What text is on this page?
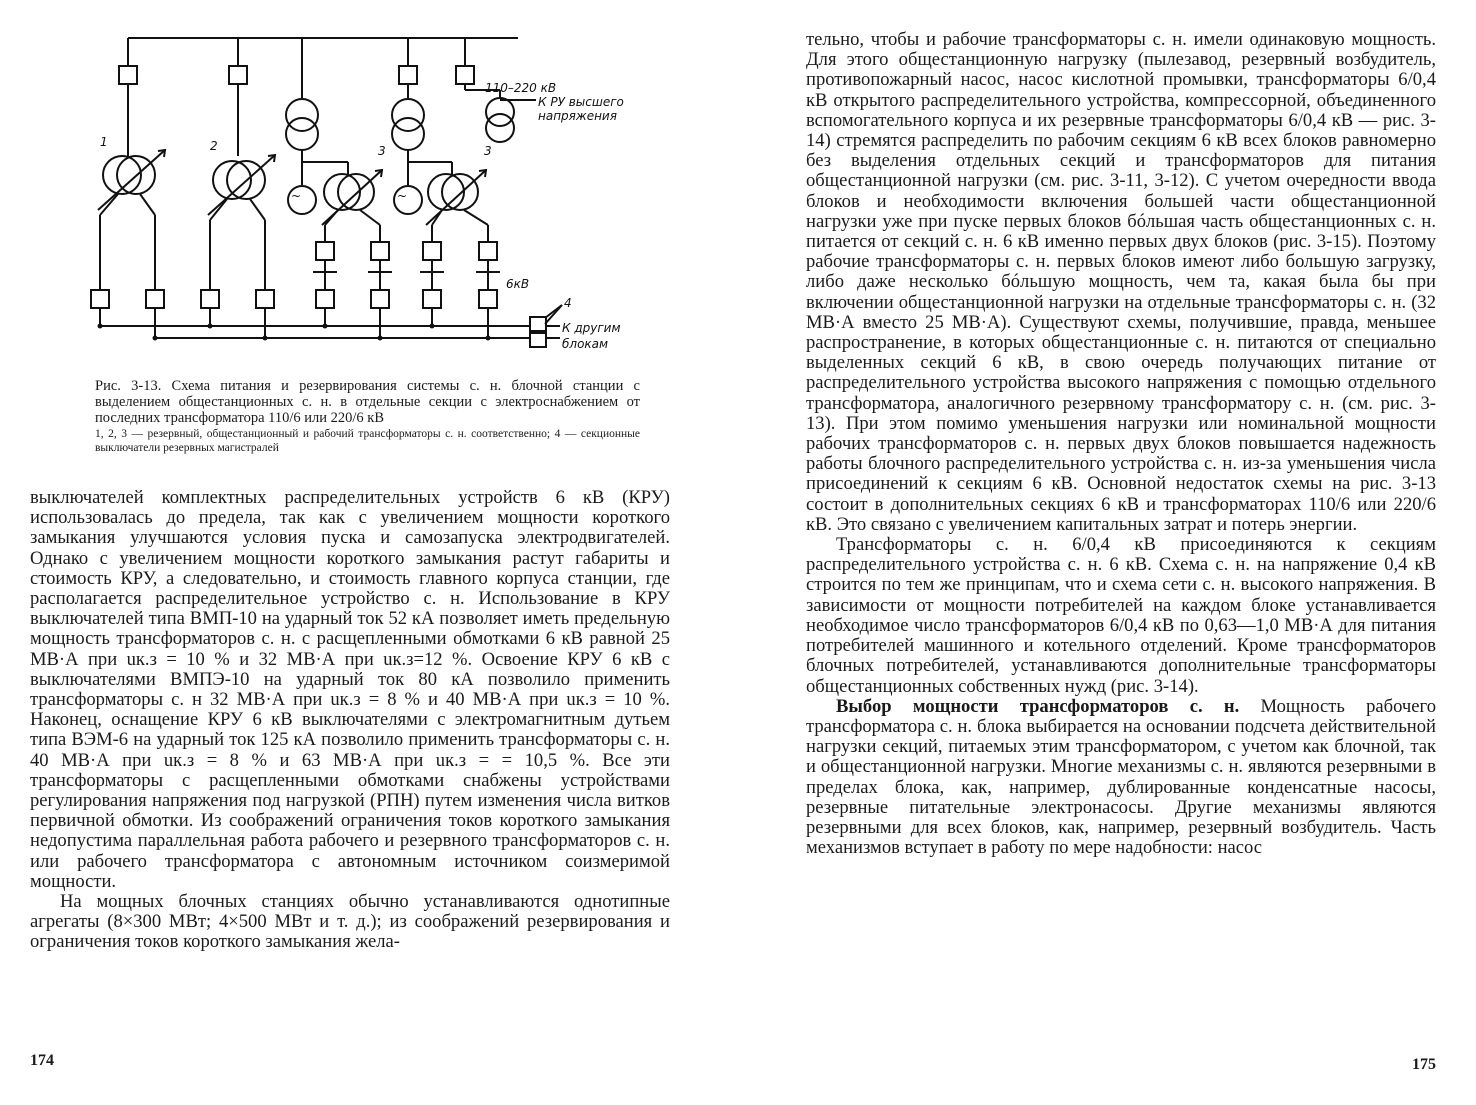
~	~
1	2	3	3
110–220 кВ
К РУ высшего
напряжения
6кВ
4
К другим
блокам

Рис. 3-13. Схема питания и резервирования системы с. н. блочной станции с выделением общестанционных с. н. в отдельные секции с электроснабжением от последних трансформатора 110/6 или 220/6 кВ

1, 2, 3 — резервный, общестанционный и рабочий трансформаторы с. н. соответственно; 4 — секционные выключатели резервных магистралей

выключателей комплектных распределительных устройств 6 кВ (КРУ) использовалась до предела, так как с увеличением мощности короткого замыкания улучшаются условия пуска и самозапуска электродвигателей. Однако с увеличением мощности короткого замыкания растут габариты и стоимость КРУ, а следовательно, и стоимость главного корпуса станции, где располагается распределительное устройство с. н. Использование в КРУ выключателей типа ВМП-10 на ударный ток 52 кА позволяет иметь предельную мощность трансформаторов с. н. с расщепленными обмотками 6 кВ равной 25 МВ·А при uк.з = 10 % и 32 МВ·А при uк.з=12 %. Освоение КРУ 6 кВ с выключателями ВМПЭ-10 на ударный ток 80 кА позволило применить трансформаторы с. н 32 МВ·А при uк.з = 8 % и 40 МВ·А при uк.з = 10 %. Наконец, оснащение КРУ 6 кВ выключателями с электромагнитным дутьем типа ВЭМ-6 на ударный ток 125 кА позволило применить трансформаторы с. н. 40 МВ·А при uк.з = 8 % и 63 МВ·А при uк.з = = 10,5 %. Все эти трансформаторы с расщепленными обмотками снабжены устройствами регулирования напряжения под нагрузкой (РПН) путем изменения числа витков первичной обмотки. Из соображений ограничения токов короткого замыкания недопустима параллельная работа рабочего и резервного трансформаторов с. н. или рабочего трансформатора с автономным источником соизмеримой мощности.

На мощных блочных станциях обычно устанавливаются однотипные агрегаты (8×300 МВт; 4×500 МВт и т. д.); из соображений резервирования и ограничения токов короткого замыкания жела-

174

тельно, чтобы и рабочие трансформаторы с. н. имели одинаковую мощность. Для этого общестанционную нагрузку (пылезавод, резервный возбудитель, противопожарный насос, насос кислотной промывки, трансформаторы 6/0,4 кВ открытого распределительного устройства, компрессорной, объединенного вспомогательного корпуса и их резервные трансформаторы 6/0,4 кВ — рис. 3-14) стремятся распределить по рабочим секциям 6 кВ всех блоков равномерно без выделения отдельных секций и трансформаторов для питания общестанционной нагрузки (см. рис. 3-11, 3-12). С учетом очередности ввода блоков и необходимости включения большей части общестанционной нагрузки уже при пуске первых блоков бóльшая часть общестанционных с. н. питается от секций с. н. 6 кВ именно первых двух блоков (рис. 3-15). Поэтому рабочие трансформаторы с. н. первых блоков имеют либо большую загрузку, либо даже несколько бóльшую мощность, чем та, какая была бы при включении общестанционной нагрузки на отдельные трансформаторы с. н. (32 МВ·А вместо 25 МВ·А). Существуют схемы, получившие, правда, меньшее распространение, в которых общестанционные с. н. питаются от специально выделенных секций 6 кВ, в свою очередь получающих питание от распределительного устройства высокого напряжения с помощью отдельного трансформатора, аналогичного резервному трансформатору с. н. (см. рис. 3-13). При этом помимо уменьшения нагрузки или номинальной мощности рабочих трансформаторов с. н. первых двух блоков повышается надежность работы блочного распределительного устройства с. н. из-за уменьшения числа присоединений к секциям 6 кВ. Основной недостаток схемы на рис. 3-13 состоит в дополнительных секциях 6 кВ и трансформаторах 110/6 или 220/6 кВ. Это связано с увеличением капитальных затрат и потерь энергии.

Трансформаторы с. н. 6/0,4 кВ присоединяются к секциям распределительного устройства с. н. 6 кВ. Схема с. н. на напряжение 0,4 кВ строится по тем же принципам, что и схема сети с. н. высокого напряжения. В зависимости от мощности потребителей на каждом блоке устанавливается необходимое число трансформаторов 6/0,4 кВ по 0,63—1,0 МВ·А для питания потребителей машинного и котельного отделений. Кроме трансформаторов блочных потребителей, устанавливаются дополнительные трансформаторы общестанционных собственных нужд (рис. 3-14).

Выбор мощности трансформаторов с. н. Мощность рабочего трансформатора с. н. блока выбирается на основании подсчета действительной нагрузки секций, питаемых этим трансформатором, с учетом как блочной, так и общестанционной нагрузки. Многие механизмы с. н. являются резервными в пределах блока, как, например, дублированные конденсатные насосы, резервные питательные электронасосы. Другие механизмы являются резервными для всех блоков, как, например, резервный возбудитель. Часть механизмов вступает в работу по мере надобности: насос

175
